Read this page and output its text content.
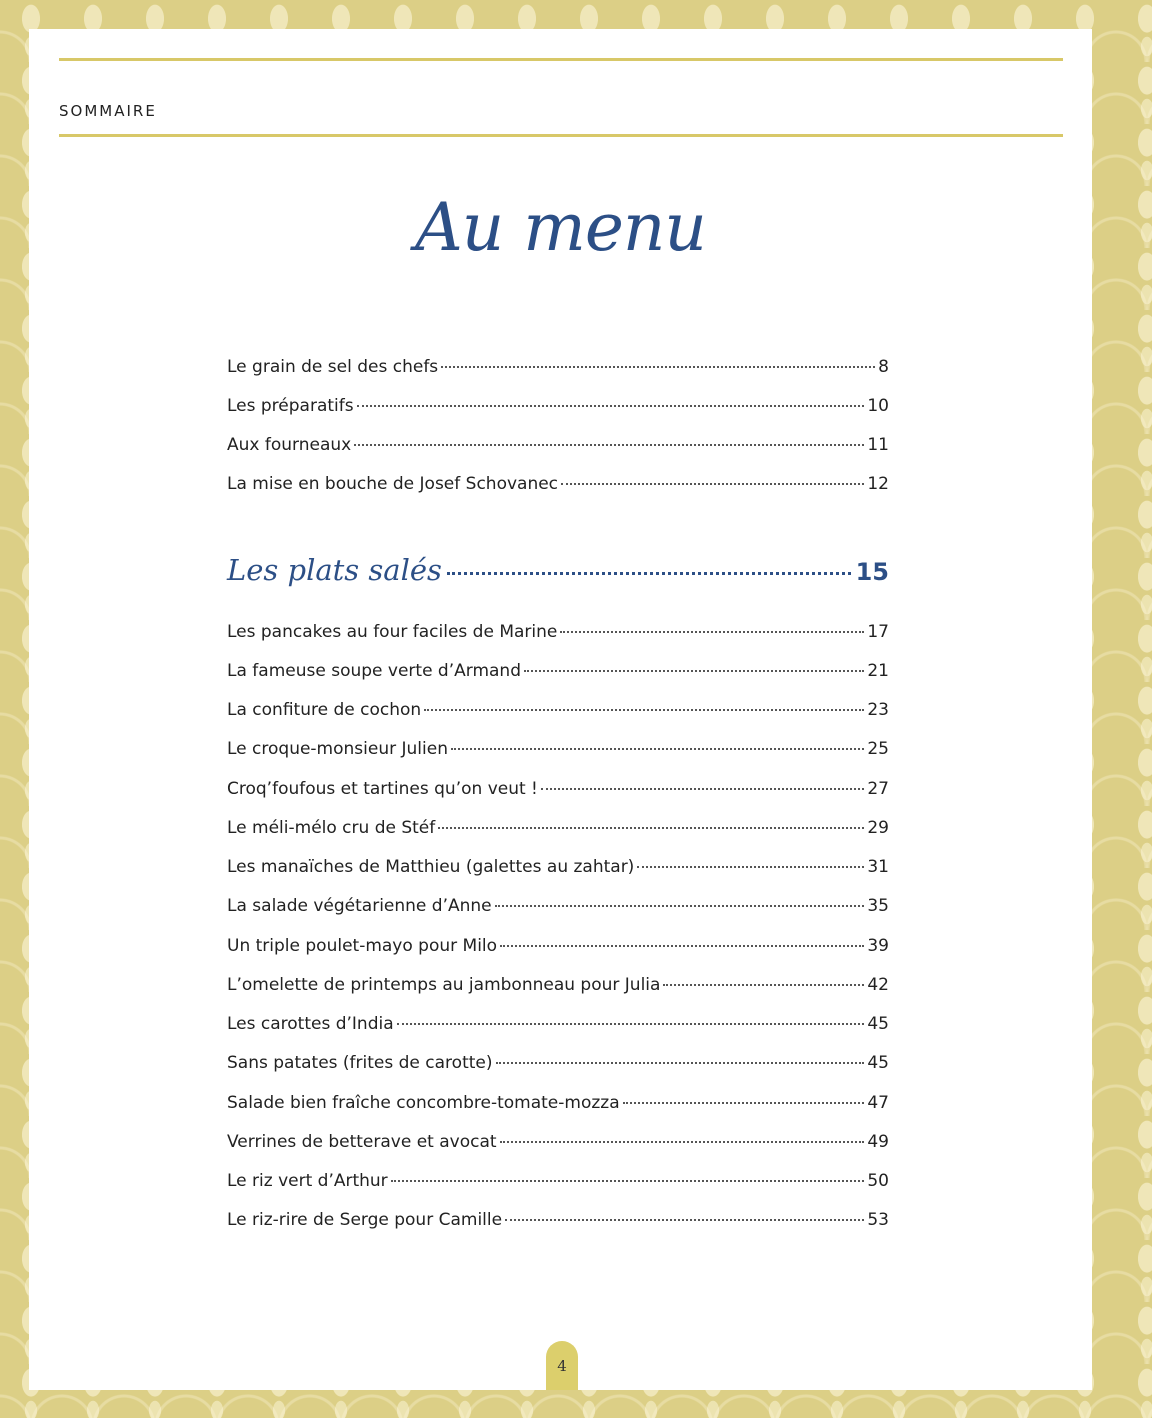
SOMMAIRE
Au menu
Le grain de sel des chefs	8
Les préparatifs	10
Aux fourneaux	11
La mise en bouche de Josef Schovanec	12
Les plats salés	15
Les pancakes au four faciles de Marine	17
La fameuse soupe verte d’Armand	21
La confiture de cochon	23
Le croque-monsieur Julien	25
Croq’foufous et tartines qu’on veut !	27
Le méli-mélo cru de Stéf	29
Les manaïches de Matthieu (galettes au zahtar)	31
La salade végétarienne d’Anne	35
Un triple poulet-mayo pour Milo	39
L’omelette de printemps au jambonneau pour Julia	42
Les carottes d’India	45
Sans patates (frites de carotte)	45
Salade bien fraîche concombre-tomate-mozza	47
Verrines de betterave et avocat	49
Le riz vert d’Arthur	50
Le riz-rire de Serge pour Camille	53
4
